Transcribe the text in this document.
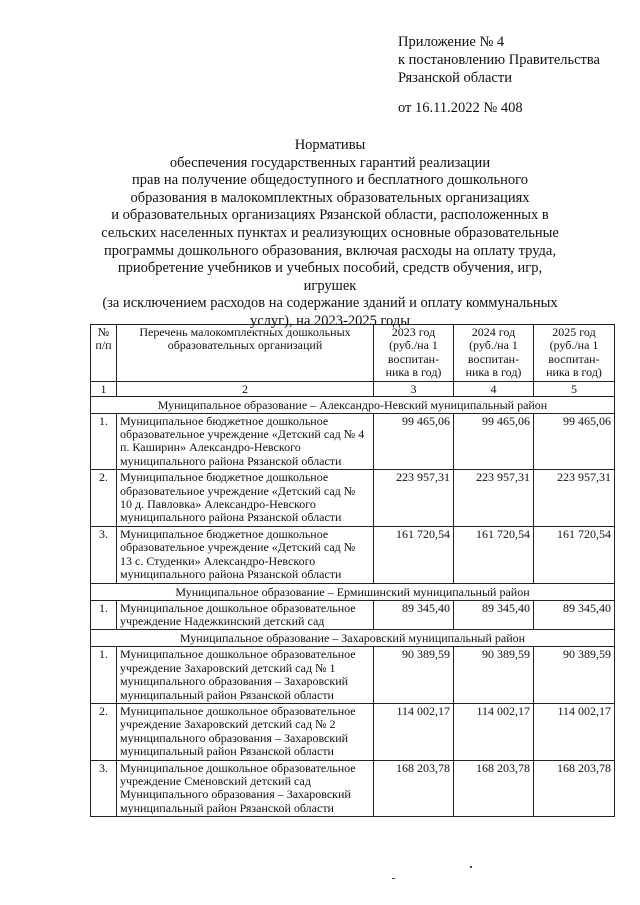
Приложение № 4
к постановлению Правительства
Рязанской области
от 16.11.2022 № 408
Нормативы
обеспечения государственных гарантий реализации
прав на получение общедоступного и бесплатного дошкольного
образования в малокомплектных образовательных организациях
и образовательных организациях Рязанской области, расположенных в
сельских населенных пунктах и реализующих основные образовательные
программы дошкольного образования, включая расходы на оплату труда,
приобретение учебников и учебных пособий, средств обучения, игр, игрушек
(за исключением расходов на содержание зданий и оплату коммунальных
услуг), на 2023-2025 годы
№ п/п	Перечень малокомплектных дошкольных образовательных организаций	2023 год (руб./на 1 воспитан-ника в год)	2024 год (руб./на 1 воспитан-ника в год)	2025 год (руб./на 1 воспитан-ника в год)
1	2	3	4	5
Муниципальное образование – Александро-Невский муниципальный район				
1.	Муниципальное бюджетное дошкольное образовательное учреждение «Детский сад № 4 п. Каширин» Александро-Невского муниципального района Рязанской области	99 465,06	99 465,06	99 465,06
2.	Муниципальное бюджетное дошкольное образовательное учреждение «Детский сад № 10 д. Павловка» Александро-Невского муниципального района Рязанской области	223 957,31	223 957,31	223 957,31
3.	Муниципальное бюджетное дошкольное образовательное учреждение «Детский сад № 13 с. Студенки» Александро-Невского муниципального района Рязанской области	161 720,54	161 720,54	161 720,54
Муниципальное образование – Ермишинский муниципальный район				
1.	Муниципальное дошкольное образовательное учреждение Надежкинский детский сад	89 345,40	89 345,40	89 345,40
Муниципальное образование – Захаровский муниципальный район				
1.	Муниципальное дошкольное образовательное учреждение Захаровский детский сад № 1 муниципального образования – Захаровский муниципальный район Рязанской области	90 389,59	90 389,59	90 389,59
2.	Муниципальное дошкольное образовательное учреждение Захаровский детский сад № 2 муниципального образования – Захаровский муниципальный район Рязанской области	114 002,17	114 002,17	114 002,17
3.	Муниципальное дошкольное образовательное учреждение Сменовский детский сад Муниципального образования – Захаровский муниципальный район Рязанской области	168 203,78	168 203,78	168 203,78
